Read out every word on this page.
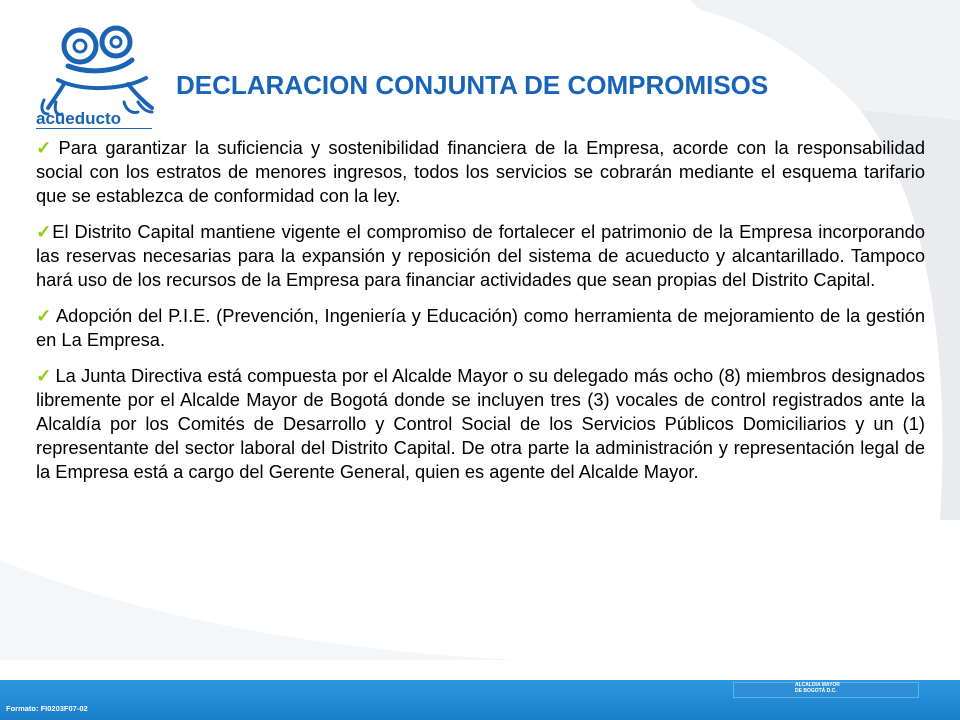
acueducto
DECLARACION CONJUNTA DE COMPROMISOS

✓ Para garantizar la suficiencia y sostenibilidad financiera de la Empresa, acorde con la responsabilidad social con los estratos de menores ingresos, todos los servicios se cobrarán mediante el esquema tarifario que se establezca de conformidad con la ley.

✓El Distrito Capital mantiene vigente el compromiso de fortalecer el patrimonio de la Empresa incorporando las reservas necesarias para la expansión y reposición del sistema de acueducto y alcantarillado. Tampoco hará uso de los recursos de la Empresa para financiar actividades que sean propias del Distrito Capital.

✓ Adopción del P.I.E. (Prevención, Ingeniería y Educación) como herramienta de mejoramiento de la gestión en La Empresa.

✓ La Junta Directiva está compuesta por el Alcalde Mayor o su delegado más ocho (8) miembros designados libremente por el Alcalde Mayor de Bogotá donde se incluyen tres (3) vocales de control registrados ante la Alcaldía por los Comités de Desarrollo y Control Social de los Servicios Públicos Domiciliarios y un (1) representante del sector laboral del Distrito Capital. De otra parte la administración y representación legal de la Empresa está a cargo del Gerente General, quien es agente del Alcalde Mayor.

Formato: FI0203F07-02
ALCALDIA MAYOR
DE BOGOTÁ D.C.
